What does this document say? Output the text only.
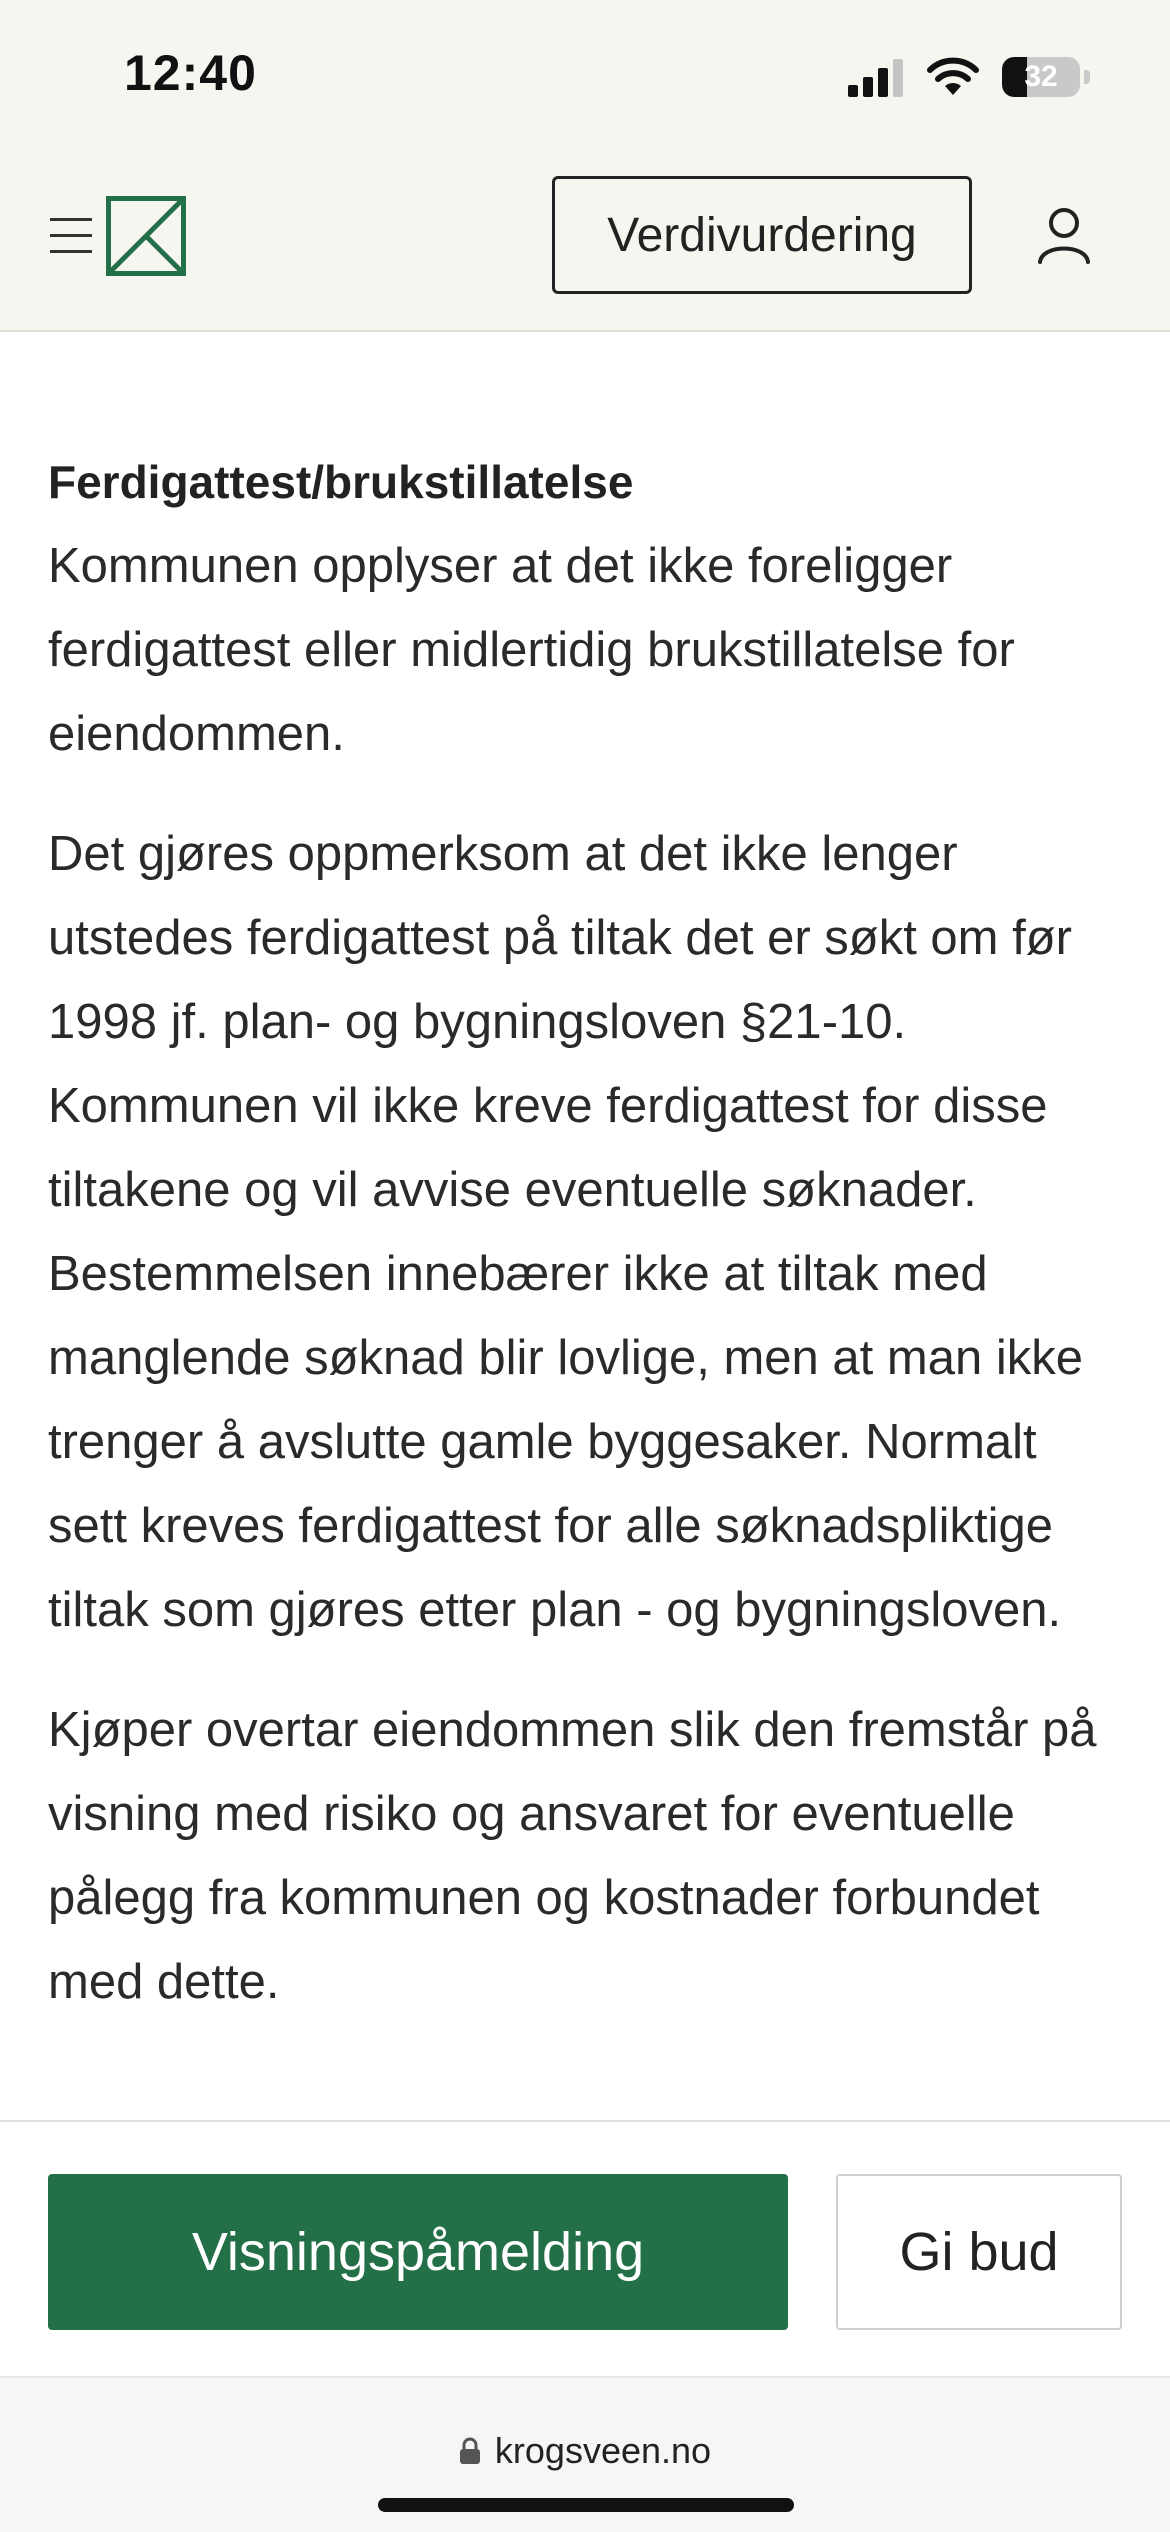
12:40	32
Verdivurdering
Ferdigattest/brukstillatelse

Kommunen opplyser at det ikke foreligger ferdigattest eller midlertidig brukstillatelse for eiendommen.

Det gjøres oppmerksom at det ikke lenger utstedes ferdigattest på tiltak det er søkt om før 1998 jf. plan- og bygningsloven §21-10. Kommunen vil ikke kreve ferdigattest for disse tiltakene og vil avvise eventuelle søknader. Bestemmelsen innebærer ikke at tiltak med manglende søknad blir lovlige, men at man ikke trenger å avslutte gamle byggesaker. Normalt sett kreves ferdigattest for alle søknadspliktige tiltak som gjøres etter plan - og bygningsloven.

Kjøper overtar eiendommen slik den fremstår på visning med risiko og ansvaret for eventuelle pålegg fra kommunen og kostnader forbundet med dette.

Visningspåmelding	Gi bud
krogsveen.no
